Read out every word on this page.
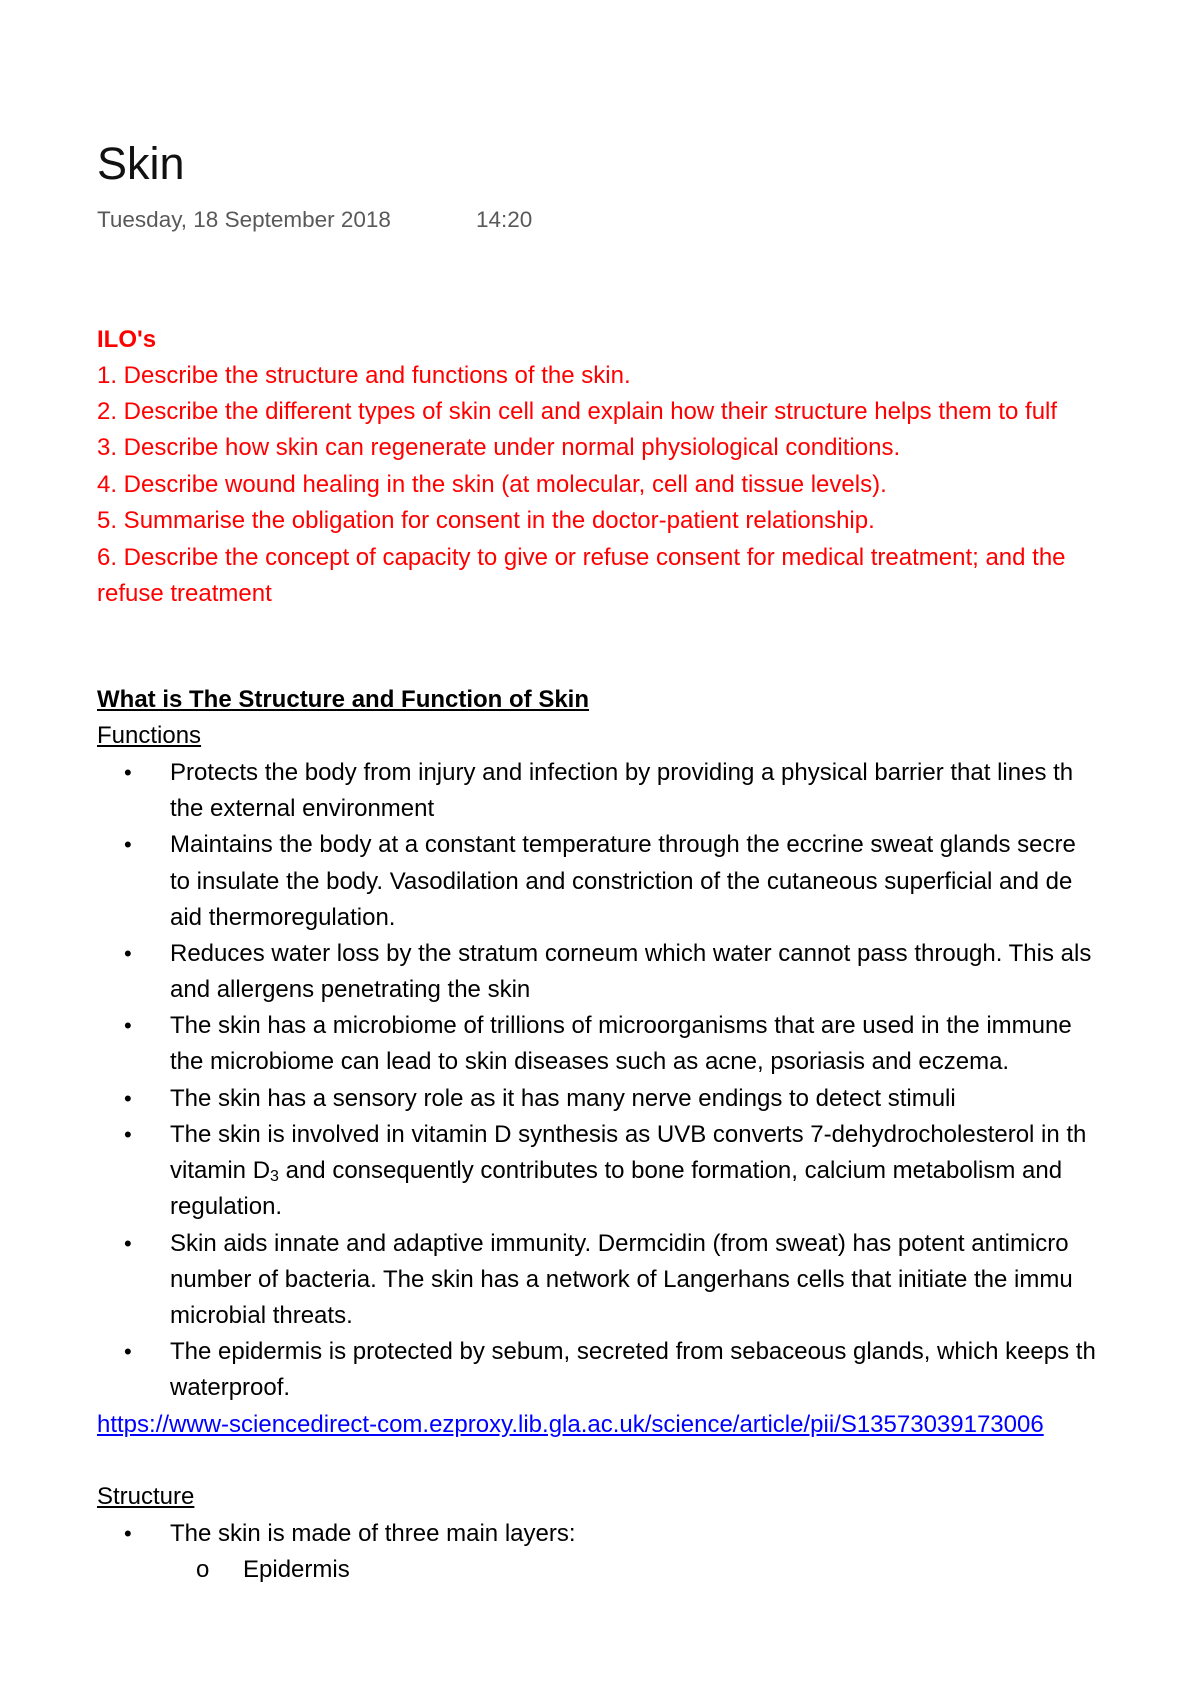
Skin
Tuesday, 18 September 2018	14:20
ILO's
1. Describe the structure and functions of the skin.
2. Describe the different types of skin cell and explain how their structure helps them to fulf
3. Describe how skin can regenerate under normal physiological conditions.
4. Describe wound healing in the skin (at molecular, cell and tissue levels).
5. Summarise the obligation for consent in the doctor-patient relationship.
6. Describe the concept of capacity to give or refuse consent for medical treatment; and the
refuse treatment
What is The Structure and Function of Skin
Functions
• Protects the body from injury and infection by providing a physical barrier that lines th
the external environment
• Maintains the body at a constant temperature through the eccrine sweat glands secre
to insulate the body. Vasodilation and constriction of the cutaneous superficial and de
aid thermoregulation.
• Reduces water loss by the stratum corneum which water cannot pass through. This als
and allergens penetrating the skin
• The skin has a microbiome of trillions of microorganisms that are used in the immune
the microbiome can lead to skin diseases such as acne, psoriasis and eczema.
• The skin has a sensory role as it has many nerve endings to detect stimuli
• The skin is involved in vitamin D synthesis as UVB converts 7-dehydrocholesterol in th
vitamin D3 and consequently contributes to bone formation, calcium metabolism and
regulation.
• Skin aids innate and adaptive immunity. Dermcidin (from sweat) has potent antimicro
number of bacteria. The skin has a network of Langerhans cells that initiate the immu
microbial threats.
• The epidermis is protected by sebum, secreted from sebaceous glands, which keeps th
waterproof.
https://www-sciencedirect-com.ezproxy.lib.gla.ac.uk/science/article/pii/S13573039173006
Structure
• The skin is made of three main layers:
o Epidermis
